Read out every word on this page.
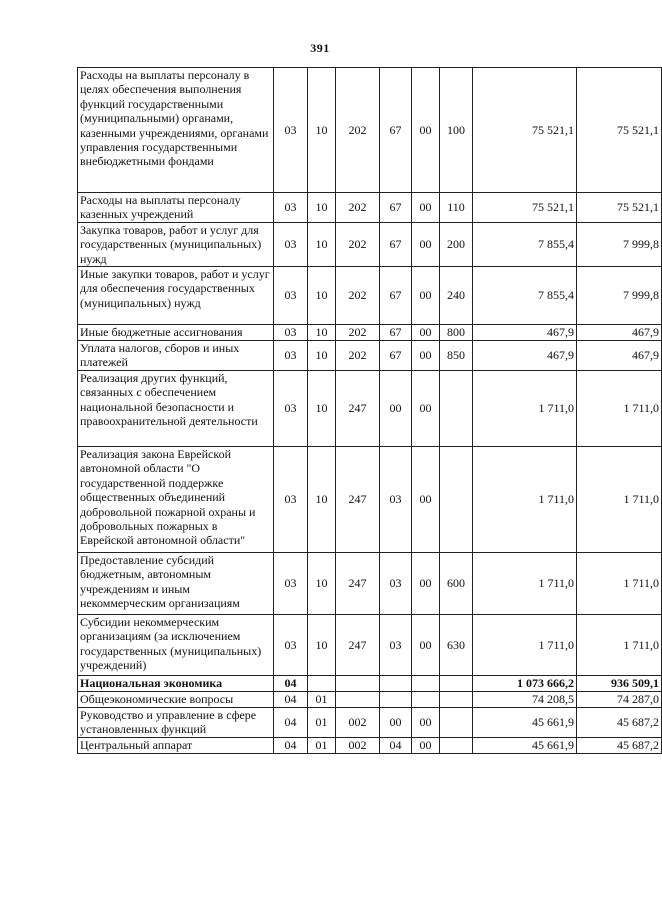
391
Расходы на выплаты персоналу в целях обеспечения выполнения функций государственными (муниципальными) органами, казенными учреждениями, органами управления государственными внебюджетными фондами	03	10	202	67	00	100	75 521,1	75 521,1
Расходы на выплаты персоналу казенных учреждений	03	10	202	67	00	110	75 521,1	75 521,1
Закупка товаров, работ и услуг для государственных (муниципальных) нужд	03	10	202	67	00	200	7 855,4	7 999,8
Иные закупки товаров, работ и услуг для обеспечения государственных (муниципальных) нужд	03	10	202	67	00	240	7 855,4	7 999,8
Иные бюджетные ассигнования	03	10	202	67	00	800	467,9	467,9
Уплата налогов, сборов и иных платежей	03	10	202	67	00	850	467,9	467,9
Реализация других функций, связанных с обеспечением национальной безопасности и правоохранительной деятельности	03	10	247	00	00		1 711,0	1 711,0
Реализация закона Еврейской автономной области "О государственной поддержке общественных объединений добровольной пожарной охраны и добровольных пожарных в Еврейской автономной области"	03	10	247	03	00		1 711,0	1 711,0
Предоставление субсидий бюджетным, автономным учреждениям и иным некоммерческим организациям	03	10	247	03	00	600	1 711,0	1 711,0
Субсидии некоммерческим организациям (за исключением государственных (муниципальных) учреждений)	03	10	247	03	00	630	1 711,0	1 711,0
Национальная экономика	04						1 073 666,2	936 509,1
Общеэкономические вопросы	04	01					74 208,5	74 287,0
Руководство и управление в сфере установленных функций	04	01	002	00	00		45 661,9	45 687,2
Центральный аппарат	04	01	002	04	00		45 661,9	45 687,2
